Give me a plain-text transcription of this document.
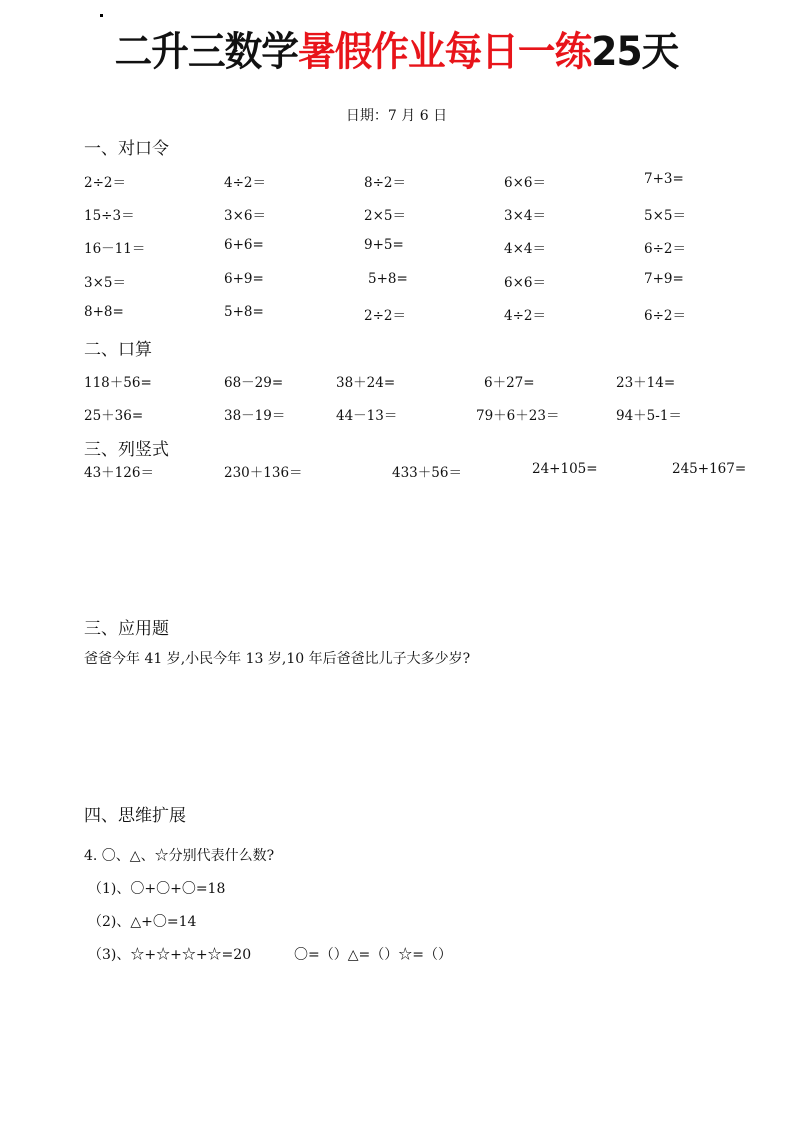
二升三数学暑假作业每日一练25天
日期：7 月 6 日
一、对口令
2÷2＝	4÷2＝	8÷2＝	6×6＝	7+3=
15÷3＝	3×6＝	2×5＝	3×4＝	5×5＝
16－11＝	6+6=	9+5=	4×4＝	6÷2＝
3×5＝	6+9=	5+8=	6×6＝	7+9=
8+8=	5+8=	2÷2＝	4÷2＝	6÷2＝
二、口算
118＋56=	68－29=	38＋24=	6＋27=	23＋14=
25＋36=	38－19＝	44－13＝	79＋6＋23＝	94＋5-1＝
三、列竖式
43＋126＝	230＋136＝	433＋56＝	24+105=	245+167=
三、应用题
爸爸今年 41 岁,小民今年 13 岁,10 年后爸爸比儿子大多少岁?
四、思维扩展
4. 〇、△、☆分别代表什么数?
（1)、〇+〇+〇=18
（2)、△+〇=14
（3)、☆+☆+☆+☆=20	〇=（）△=（）☆=（）
